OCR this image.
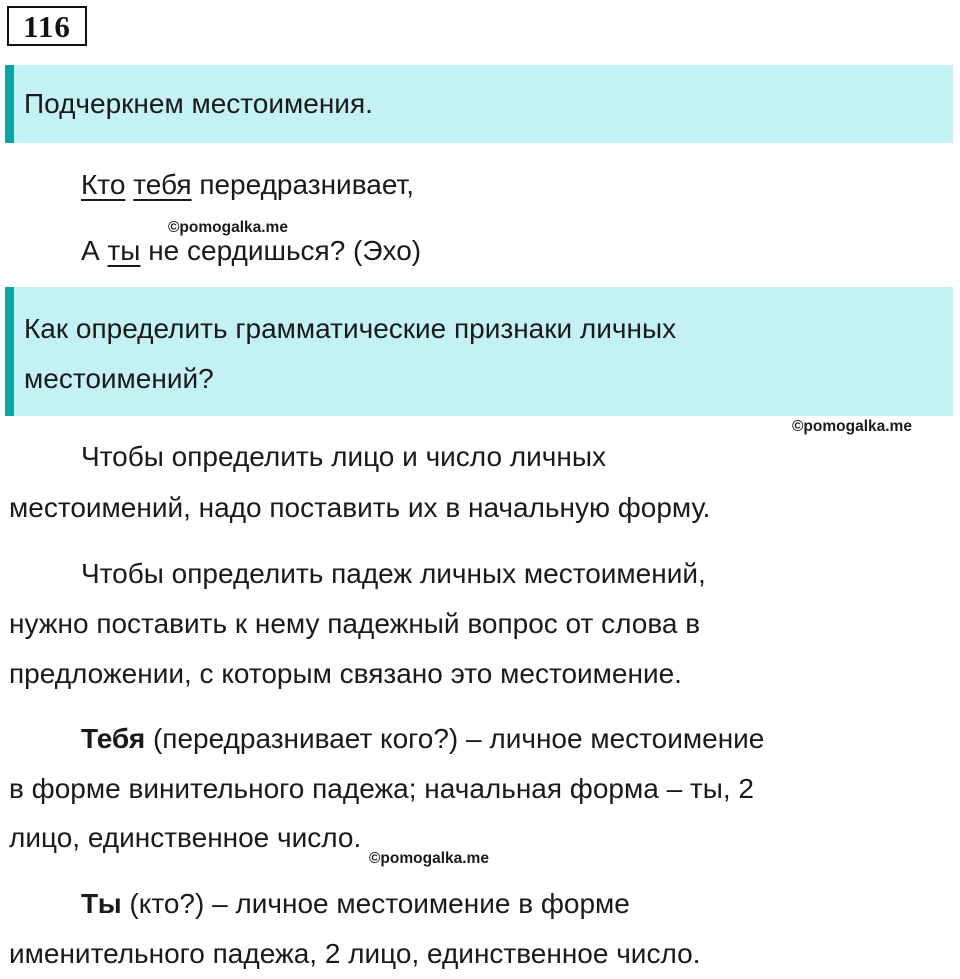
116
Подчеркнем местоимения.
Кто тебя передразнивает,
©pomogalka.me
А ты не сердишься? (Эхо)
Как определить грамматические признаки личных
местоимений?
©pomogalka.me
Чтобы определить лицо и число личных
местоимений, надо поставить их в начальную форму.
Чтобы определить падеж личных местоимений,
нужно поставить к нему падежный вопрос от слова в
предложении, с которым связано это местоимение.
Тебя (передразнивает кого?) – личное местоимение
в форме винительного падежа; начальная форма – ты, 2
лицо, единственное число.
©pomogalka.me
Ты (кто?) – личное местоимение в форме
именительного падежа, 2 лицо, единственное число.
